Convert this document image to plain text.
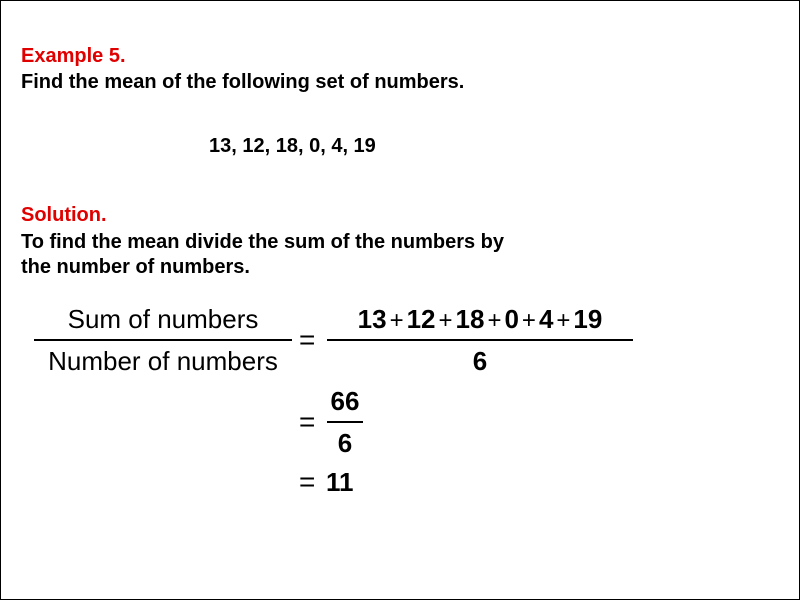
Example 5.
Find the mean of the following set of numbers.
13, 12, 18, 0, 4, 19
Solution.
To find the mean divide the sum of the numbers by
the number of numbers.
Sum of numbers
Number of numbers
=
13 + 12 + 18 + 0 + 4 + 19
6
=
66
6
= 11
